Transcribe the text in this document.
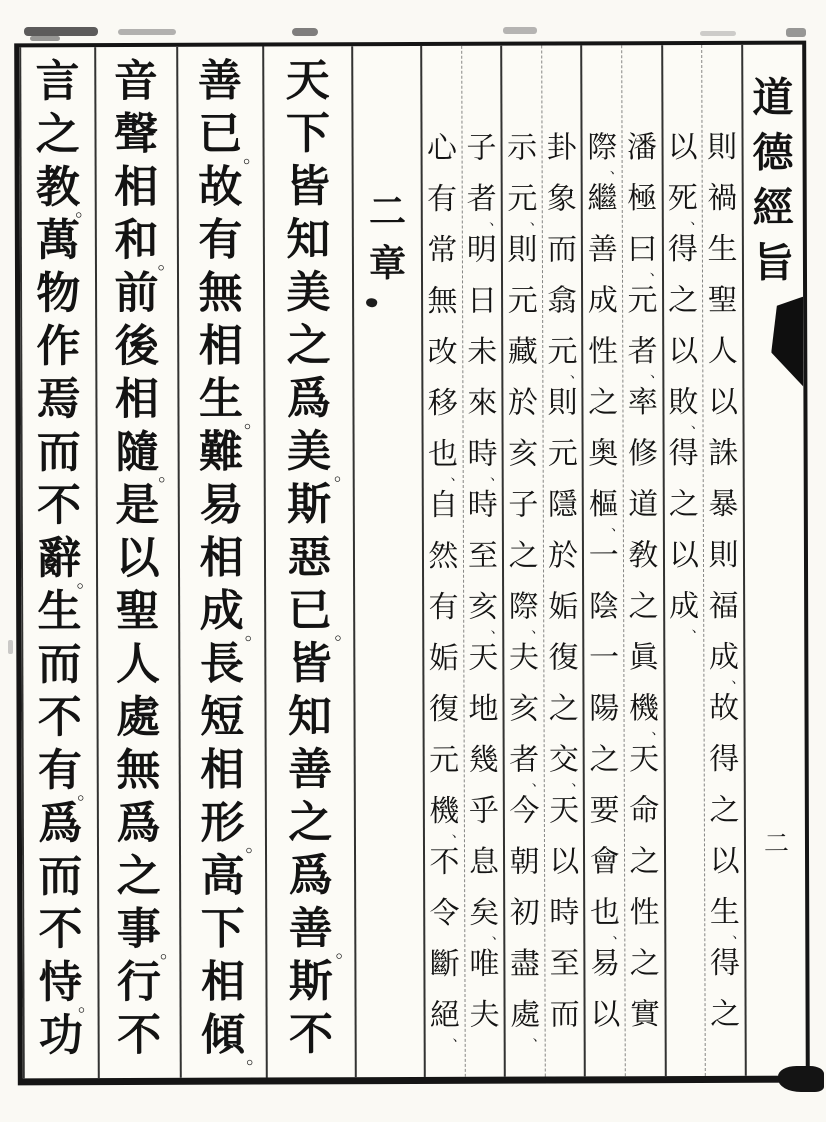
道
德
經
旨
二
則
禍
生
聖
人
以
誅
暴
則
福
成
、
故
得
之
以
生
、
得
之
以
死
、
得
之
以
敗
、
得
之
以
成
、
潘
極
曰
、
元
者
、
率
修
道
敎
之
眞
機
、
天
命
之
性
之
實
際
、
繼
善
成
性
之
奥
樞
、
一
陰
一
陽
之
要
會
也
、
易
以
卦
象
而
翕
元
、
則
元
隱
於
姤
復
之
交
、
天
以
時
至
而
示
元
、
則
元
藏
於
亥
子
之
際
、
夫
亥
者
、
今
朝
初
盡
處
、
子
者
、
明
日
未
來
時
、
時
至
亥
、
天
地
幾
乎
息
矣
、
唯
夫
心
有
常
無
改
移
也
、
自
然
有
姤
復
元
機
、
不
令
斷
絕
、
二
章
天
下
皆
知
美
之
爲
美 。
斯
惡
已 。
皆
知
善
之
爲
善 。
斯
不
善
已 。
故
有
無
相
生 。
難
易
相
成 。
長
短
相
形 。
高
下
相
傾 。
音
聲
相
和
。
前
後
相
隨
。
是
以
聖
人
處
無
爲
之
事
。
行
不
言
之
教
。
萬
物
作
焉
而
不
辭
。
生
而
不
有
。
爲
而
不
恃
。
功
